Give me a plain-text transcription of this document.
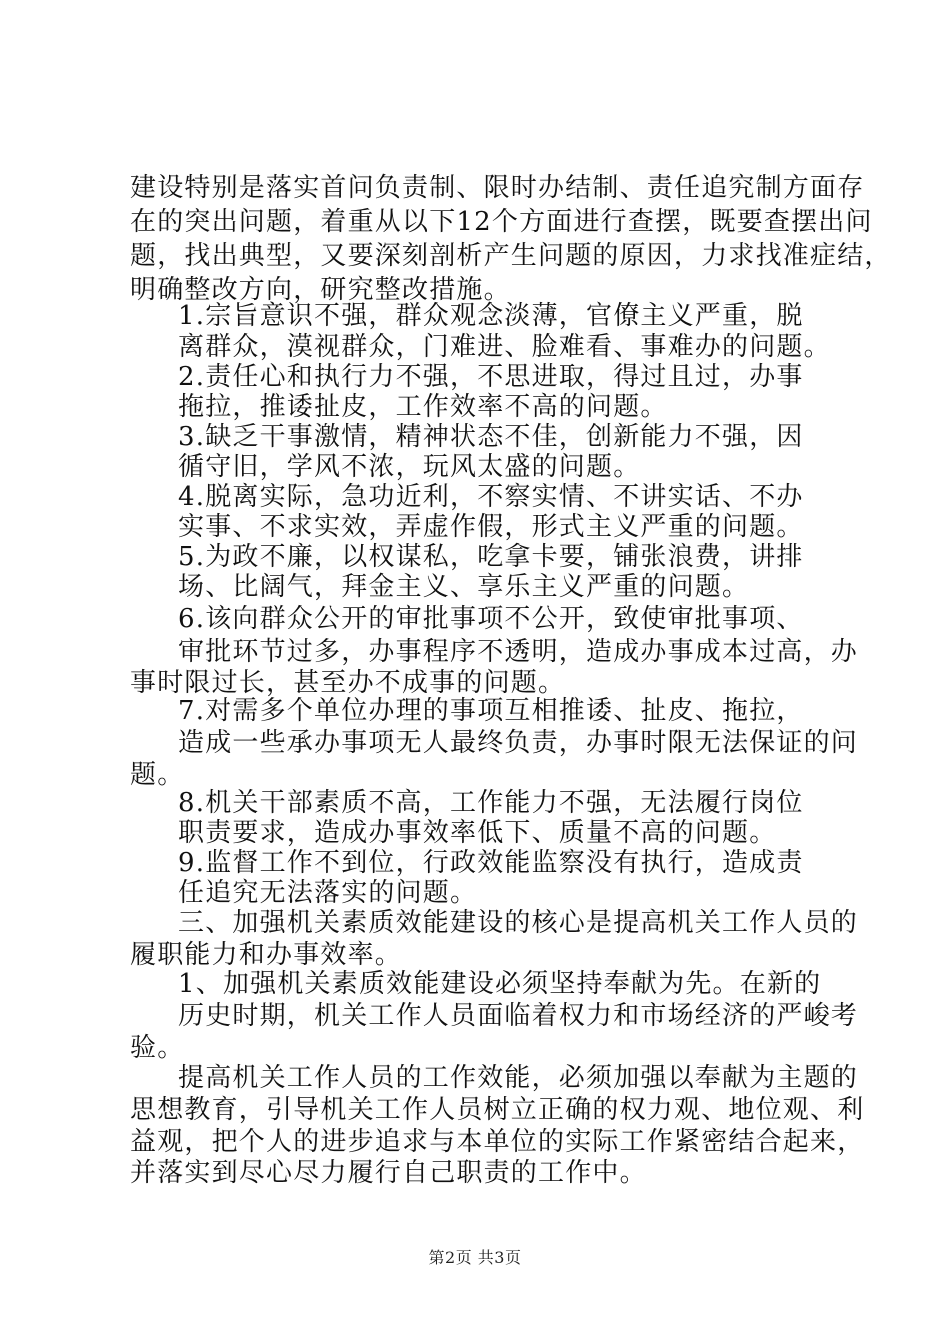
建设特别是落实首问负责制、限时办结制、责任追究制方面存
在的突出问题，着重从以下12个方面进行查摆，既要查摆出问
题，找出典型，又要深刻剖析产生问题的原因，力求找准症结，
明确整改方向，研究整改措施。
1.宗旨意识不强，群众观念淡薄，官僚主义严重，脱
离群众，漠视群众，门难进、脸难看、事难办的问题。
2.责任心和执行力不强，不思进取，得过且过，办事
拖拉，推诿扯皮，工作效率不高的问题。
3.缺乏干事激情，精神状态不佳，创新能力不强，因
循守旧，学风不浓，玩风太盛的问题。
4.脱离实际，急功近利，不察实情、不讲实话、不办
实事、不求实效，弄虚作假，形式主义严重的问题。
5.为政不廉，以权谋私，吃拿卡要，铺张浪费，讲排
场、比阔气，拜金主义、享乐主义严重的问题。
6.该向群众公开的审批事项不公开，致使审批事项、
审批环节过多，办事程序不透明，造成办事成本过高，办
事时限过长，甚至办不成事的问题。
7.对需多个单位办理的事项互相推诿、扯皮、拖拉，
造成一些承办事项无人最终负责，办事时限无法保证的问
题。
8.机关干部素质不高，工作能力不强，无法履行岗位
职责要求，造成办事效率低下、质量不高的问题。
9.监督工作不到位，行政效能监察没有执行，造成责
任追究无法落实的问题。
三、加强机关素质效能建设的核心是提高机关工作人员的
履职能力和办事效率。
1、加强机关素质效能建设必须坚持奉献为先。在新的
历史时期，机关工作人员面临着权力和市场经济的严峻考
验。
提高机关工作人员的工作效能，必须加强以奉献为主题的
思想教育，引导机关工作人员树立正确的权力观、地位观、利
益观，把个人的进步追求与本单位的实际工作紧密结合起来，
并落实到尽心尽力履行自己职责的工作中。
第2页 共3页
